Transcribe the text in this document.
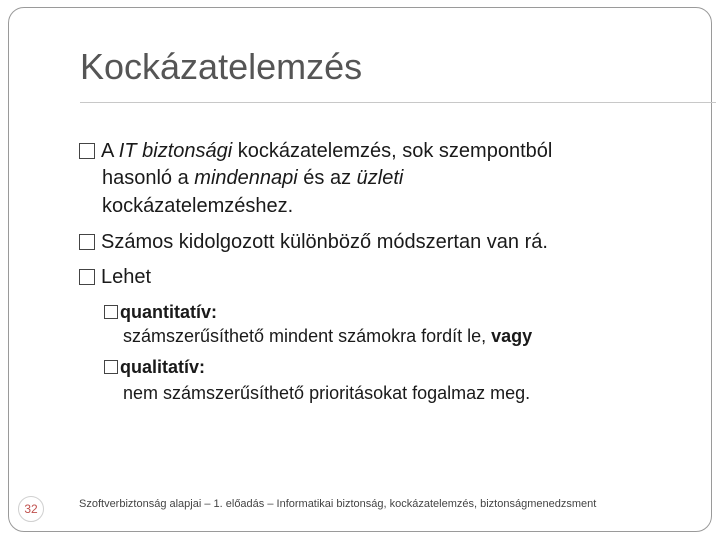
Kockázatelemzés
A IT biztonsági kockázatelemzés, sok szempontból
hasonló a mindennapi és az üzleti
kockázatelemzéshez.
Számos kidolgozott különböző módszertan van rá.
Lehet
quantitatív:
számszerűsíthető mindent számokra fordít le, vagy
qualitatív:
nem számszerűsíthető prioritásokat fogalmaz meg.
32	Szoftverbiztonság alapjai – 1. előadás – Informatikai biztonság, kockázatelemzés, biztonságmenedzsment
